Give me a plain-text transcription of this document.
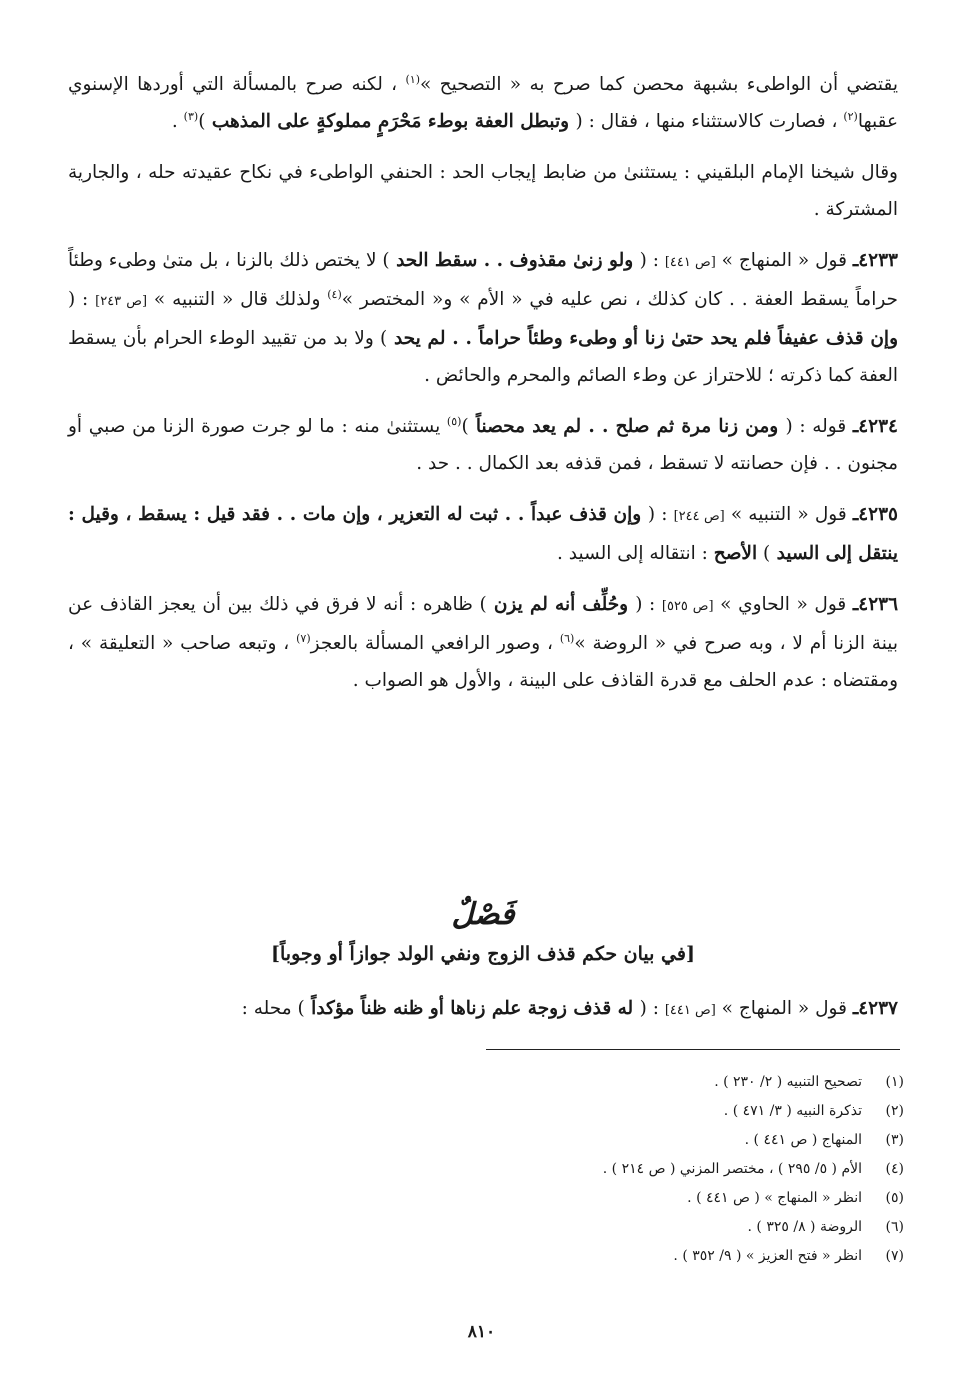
يقتضي أن الواطىء بشبهة محصن كما صرح به « التصحيح »$^{(١)}$ ، لكنه صرح بالمسألة التي أوردها الإسنوي عقبها$^{(٢)}$ ، فصارت كالاستثناء منها ، فقال : ( وتبطل العفة بوطء مَحْرَمٍ مملوكةٍ على المذهب )$^{(٣)}$ .

وقال شيخنا الإمام البلقيني : يستثنىٰ من ضابط إيجاب الحد : الحنفي الواطىء في نكاح عقيدته حله ، والجارية المشتركة .

٤٢٣٣ـ قول « المنهاج » [ص ٤٤١] : ( ولو زنىٰ مقذوف . . سقط الحد ) لا يختص ذلك بالزنا ، بل متىٰ وطىء وطئاً حراماً يسقط العفة . . كان كذلك ، نص عليه في « الأم » و« المختصر »$^{(٤)}$ ولذلك قال « التنبيه » [ص ٢٤٣] : ( وإن قذف عفيفاً فلم يحد حتىٰ زنا أو وطىء وطئاً حراماً . . لم يحد ) ولا بد من تقييد الوطء الحرام بأن يسقط العفة كما ذكرته ؛ للاحتراز عن وطء الصائم والمحرم والحائض .

٤٢٣٤ـ قوله : ( ومن زنا مرة ثم صلح . . لم يعد محصناً )$^{(٥)}$ يستثنىٰ منه : ما لو جرت صورة الزنا من صبي أو مجنون . . فإن حصانته لا تسقط ، فمن قذفه بعد الكمال . . حد .

٤٢٣٥ـ قول « التنبيه » [ص ٢٤٤] : ( وإن قذف عبداً . . ثبت له التعزير ، وإن مات . . فقد قيل : يسقط ، وقيل : ينتقل إلى السيد ) الأصح : انتقاله إلى السيد .

٤٢٣٦ـ قول « الحاوي » [ص ٥٢٥] : ( وحُلِّف أنه لم يزن ) ظاهره : أنه لا فرق في ذلك بين أن يعجز القاذف عن بينة الزنا أم لا ، وبه صرح في « الروضة »$^{(٦)}$ ، وصور الرافعي المسألة بالعجز$^{(٧)}$ ، وتبعه صاحب « التعليقة » ، ومقتضاه : عدم الحلف مع قدرة القاذف على البينة ، والأول هو الصواب .

فَصْلٌ
[في بيان حكم قذف الزوج ونفي الولد جوازاً أو وجوباً]
٤٢٣٧ـ قول « المنهاج » [ص ٤٤١] : ( له قذف زوجة علم زناها أو ظنه ظناً مؤكداً ) محله :
(١)
تصحيح التنبيه ( ٢/ ٢٣٠ ) .
(٢)
تذكرة النبيه ( ٣/ ٤٧١ ) .
(٣)
المنهاج ( ص ٤٤١ ) .
(٤)
الأم ( ٥/ ٢٩٥ ) ، مختصر المزني ( ص ٢١٤ ) .
(٥)
انظر « المنهاج » ( ص ٤٤١ ) .
(٦)
الروضة ( ٨/ ٣٢٥ ) .
(٧)
انظر « فتح العزيز » ( ٩/ ٣٥٢ ) .
٨١٠
